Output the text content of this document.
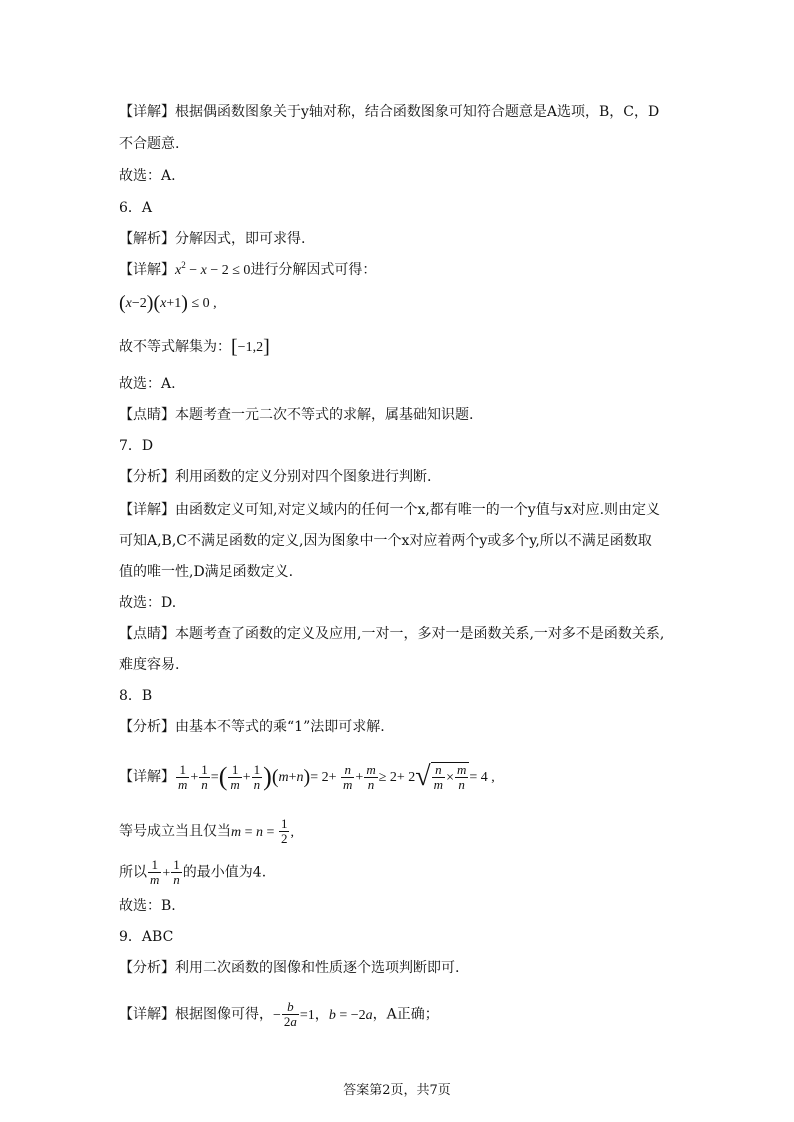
【详解】根据偶函数图象关于y轴对称，结合函数图象可知符合题意是A选项，B，C，D
不合题意.
故选：A.
6．A
【解析】分解因式，即可求得.
【详解】$x^2 - x - 2 \le 0$进行分解因式可得：
(x−2)(x+1) ≤ 0 ,
故不等式解集为：[−1,2]
故选：A.
【点睛】本题考查一元二次不等式的求解，属基础知识题.
7．D
【分析】利用函数的定义分别对四个图象进行判断.
【详解】由函数定义可知,对定义域内的任何一个x,都有唯一的一个y值与x对应.则由定义
可知A,B,C不满足函数的定义,因为图象中一个x对应着两个y或多个y,所以不满足函数取
值的唯一性,D满足函数定义.
故选：D.
【点睛】本题考查了函数的定义及应用,一对一，多对一是函数关系,一对多不是函数关系,
难度容易.
8．B
【分析】由基本不等式的乘“1”法即可求解.
【详解】 $\frac{1}{m} + \frac{1}{n}$ =( $\frac{1}{m} + \frac{1}{n} )(m+n)= 2+ \frac{n}{m} + \frac{m}{n} \ge 2+ 2√ \frac{n}{m} \times \frac{m}{n} = 4$ ,
等号成立当且仅当$m = n = \frac{1}{2}$ ,
所以 $\frac{1}{m} + \frac{1}{n}$ 的最小值为4.
故选：B.
9．ABC
【分析】利用二次函数的图像和性质逐个选项判断即可.
【详解】根据图像可得，− $\frac{b}{2a} =1$，b = −2a，A正确；
答案第2页，共7页
